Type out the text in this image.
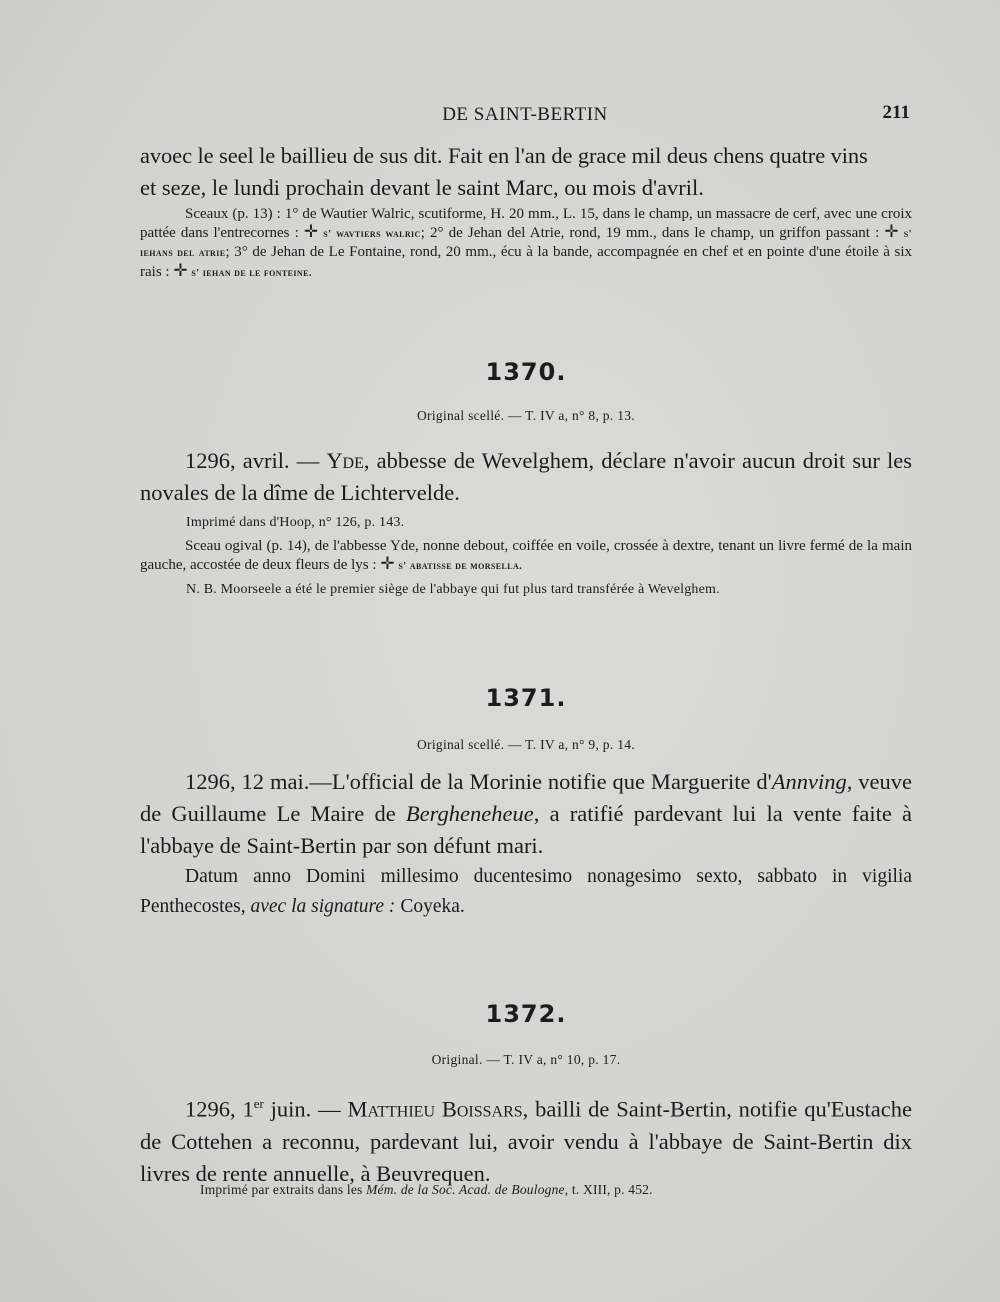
DE SAINT-BERTIN	211

avoec le seel le baillieu de sus dit. Fait en l'an de grace mil deus chens quatre vins

et seze, le lundi prochain devant le saint Marc, ou mois d'avril.

Sceaux (p. 13) : 1° de Wautier Walric, scutiforme, H. 20 mm., L. 15, dans le champ, un massacre de cerf, avec une croix pattée dans l'entrecornes : ✛ s' wavtiers walric; 2° de Jehan del Atrie, rond, 19 mm., dans le champ, un griffon passant : ✛ s' iehans del atrie; 3° de Jehan de Le Fontaine, rond, 20 mm., écu à la bande, accompagnée en chef et en pointe d'une étoile à six rais : ✛ s' iehan de le fonteine.
1370.
Original scellé. — T. IV a, n° 8, p. 13.
1296, avril. — Yde, abbesse de Wevelghem, déclare n'avoir aucun droit sur les novales de la dîme de Lichtervelde.
Imprimé dans d'Hoop, n° 126, p. 143.
Sceau ogival (p. 14), de l'abbesse Yde, nonne debout, coiffée en voile, crossée à dextre, tenant un livre fermé de la main gauche, accostée de deux fleurs de lys : ✛ s' abatisse de morsella.
N. B. Moorseele a été le premier siège de l'abbaye qui fut plus tard transférée à Wevelghem.
1371.
Original scellé. — T. IV a, n° 9, p. 14.
1296, 12 mai.—L'official de la Morinie notifie que Marguerite d'Annving, veuve de Guillaume Le Maire de Bergheneheue, a ratifié pardevant lui la vente faite à l'abbaye de Saint-Bertin par son défunt mari.
Datum anno Domini millesimo ducentesimo nonagesimo sexto, sabbato in vigilia Penthecostes, avec la signature : Coyeka.
1372.
Original. — T. IV a, n° 10, p. 17.
1296, 1er juin. — Matthieu Boissars, bailli de Saint-Bertin, notifie qu'Eustache de Cottehen a reconnu, pardevant lui, avoir vendu à l'abbaye de Saint-Bertin dix livres de rente annuelle, à Beuvrequen.
Imprimé par extraits dans les Mém. de la Soc. Acad. de Boulogne, t. XIII, p. 452.
